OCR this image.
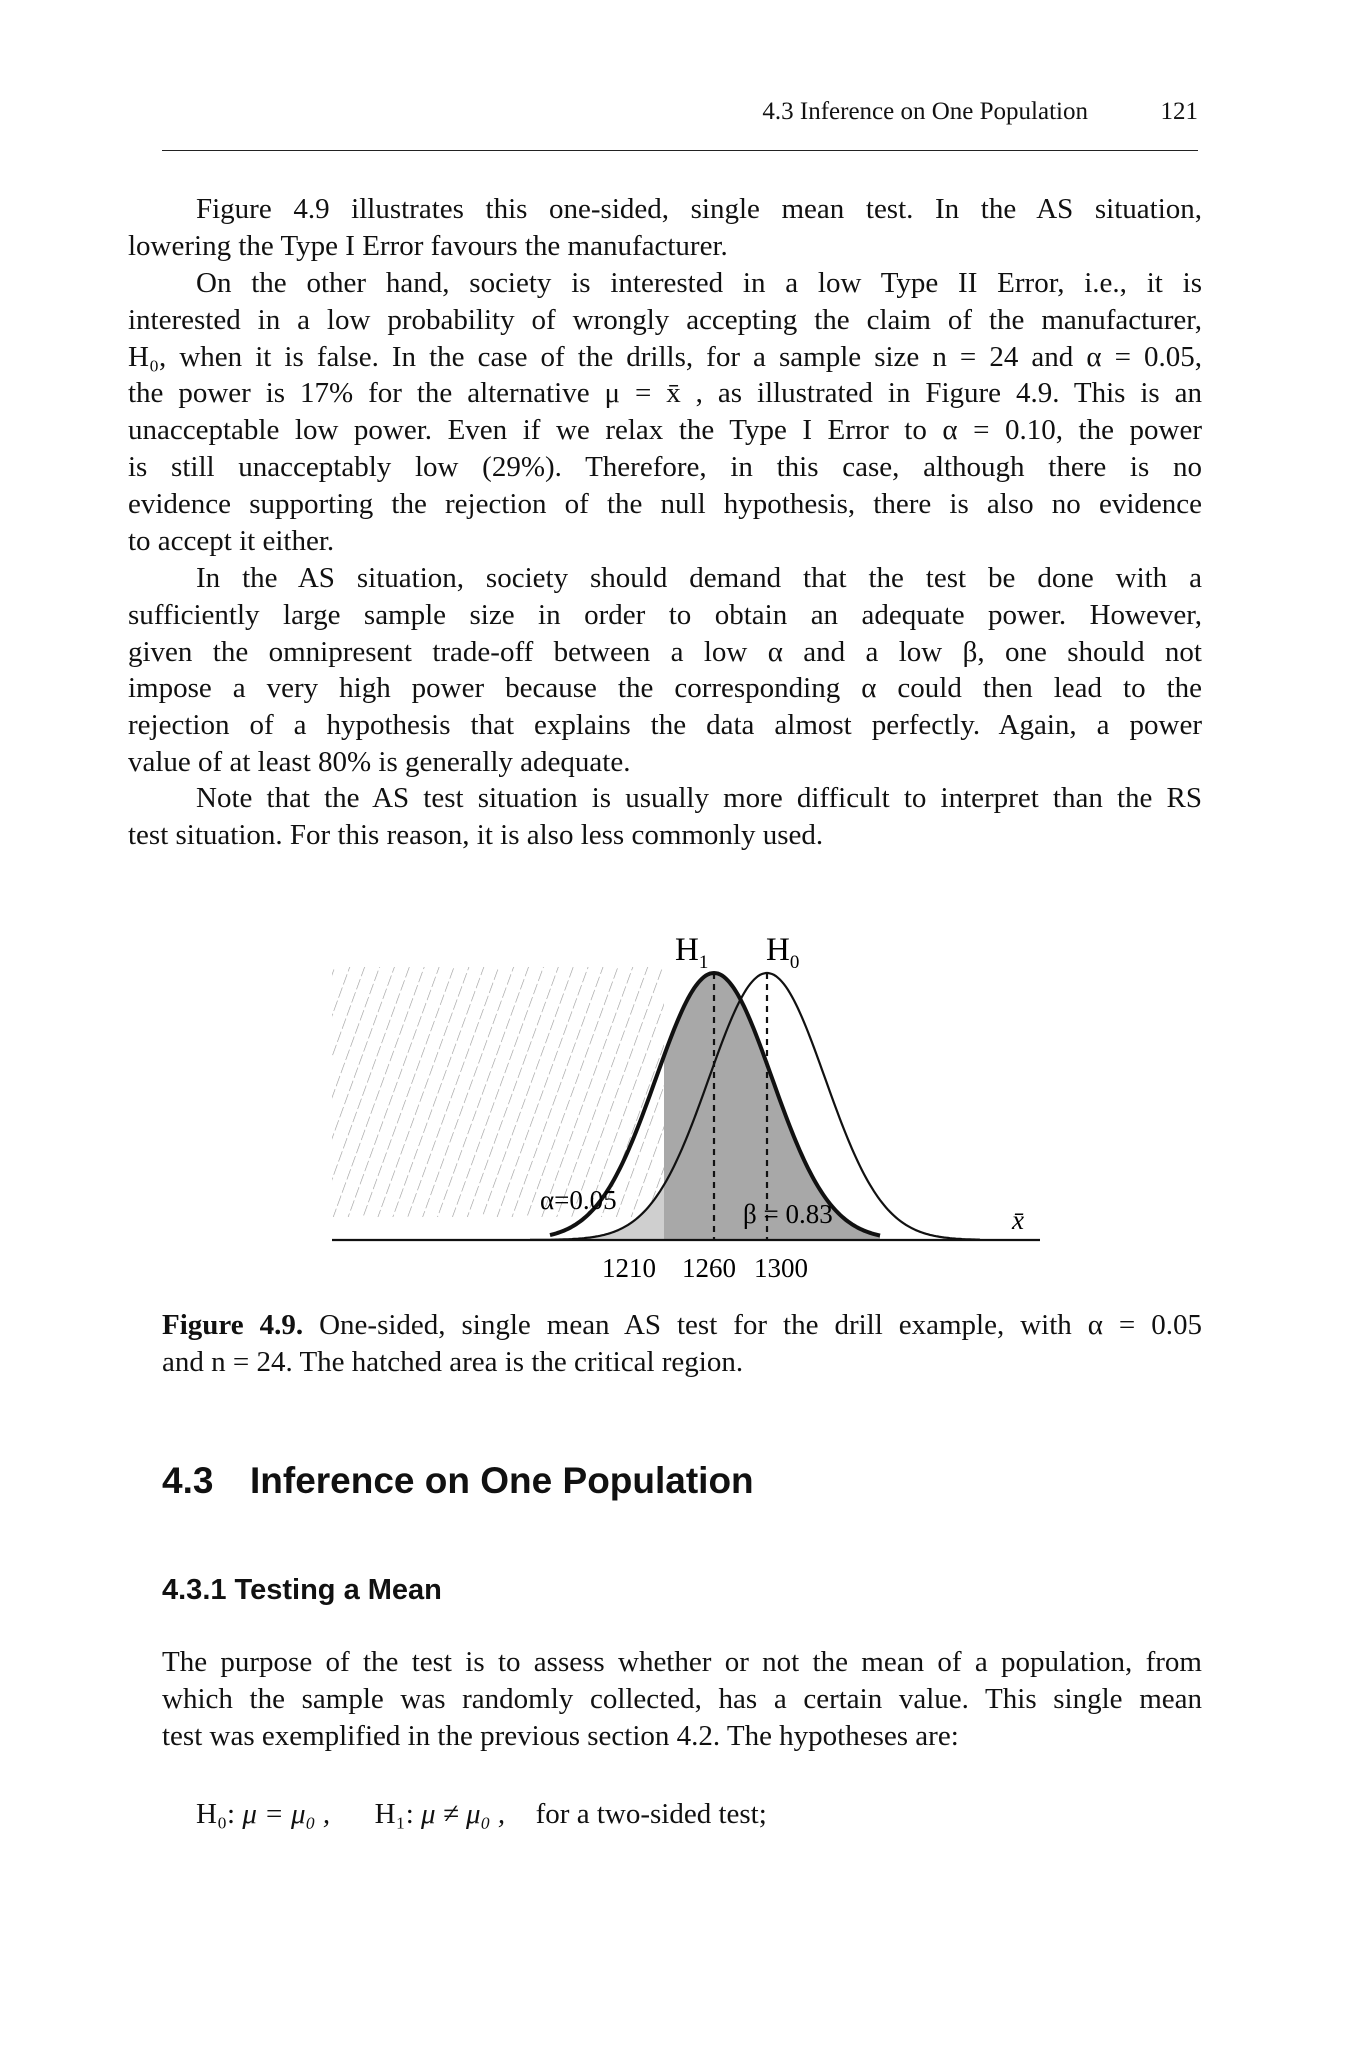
4.3 Inference on One Population	121
Figure 4.9 illustrates this one-sided, single mean test. In the AS situation,
lowering the Type I Error favours the manufacturer.
On the other hand, society is interested in a low Type II Error, i.e., it is
interested in a low probability of wrongly accepting the claim of the manufacturer,
H₀, when it is false. In the case of the drills, for a sample size n = 24 and α = 0.05,
the power is 17% for the alternative μ = x̄ , as illustrated in Figure 4.9. This is an
unacceptable low power. Even if we relax the Type I Error to α = 0.10, the power
is still unacceptably low (29%). Therefore, in this case, although there is no
evidence supporting the rejection of the null hypothesis, there is also no evidence
to accept it either.
In the AS situation, society should demand that the test be done with a
sufficiently large sample size in order to obtain an adequate power. However,
given the omnipresent trade-off between a low α and a low β, one should not
impose a very high power because the corresponding α could then lead to the
rejection of a hypothesis that explains the data almost perfectly. Again, a power
value of at least 80% is generally adequate.
Note that the AS test situation is usually more difficult to interpret than the RS
test situation. For this reason, it is also less commonly used.
$H_1$ $H_0$
α=0.05	β = 0.83	x̄
1210 1260 1300
Figure 4.9. One-sided, single mean AS test for the drill example, with α = 0.05
and n = 24. The hatched area is the critical region.
4.3 Inference on One Population
4.3.1 Testing a Mean
The purpose of the test is to assess whether or not the mean of a population, from
which the sample was randomly collected, has a certain value. This single mean
test was exemplified in the previous section 4.2. The hypotheses are:
H₀: μ = μ₀ , H₁: μ ≠ μ₀ , for a two-sided test;
